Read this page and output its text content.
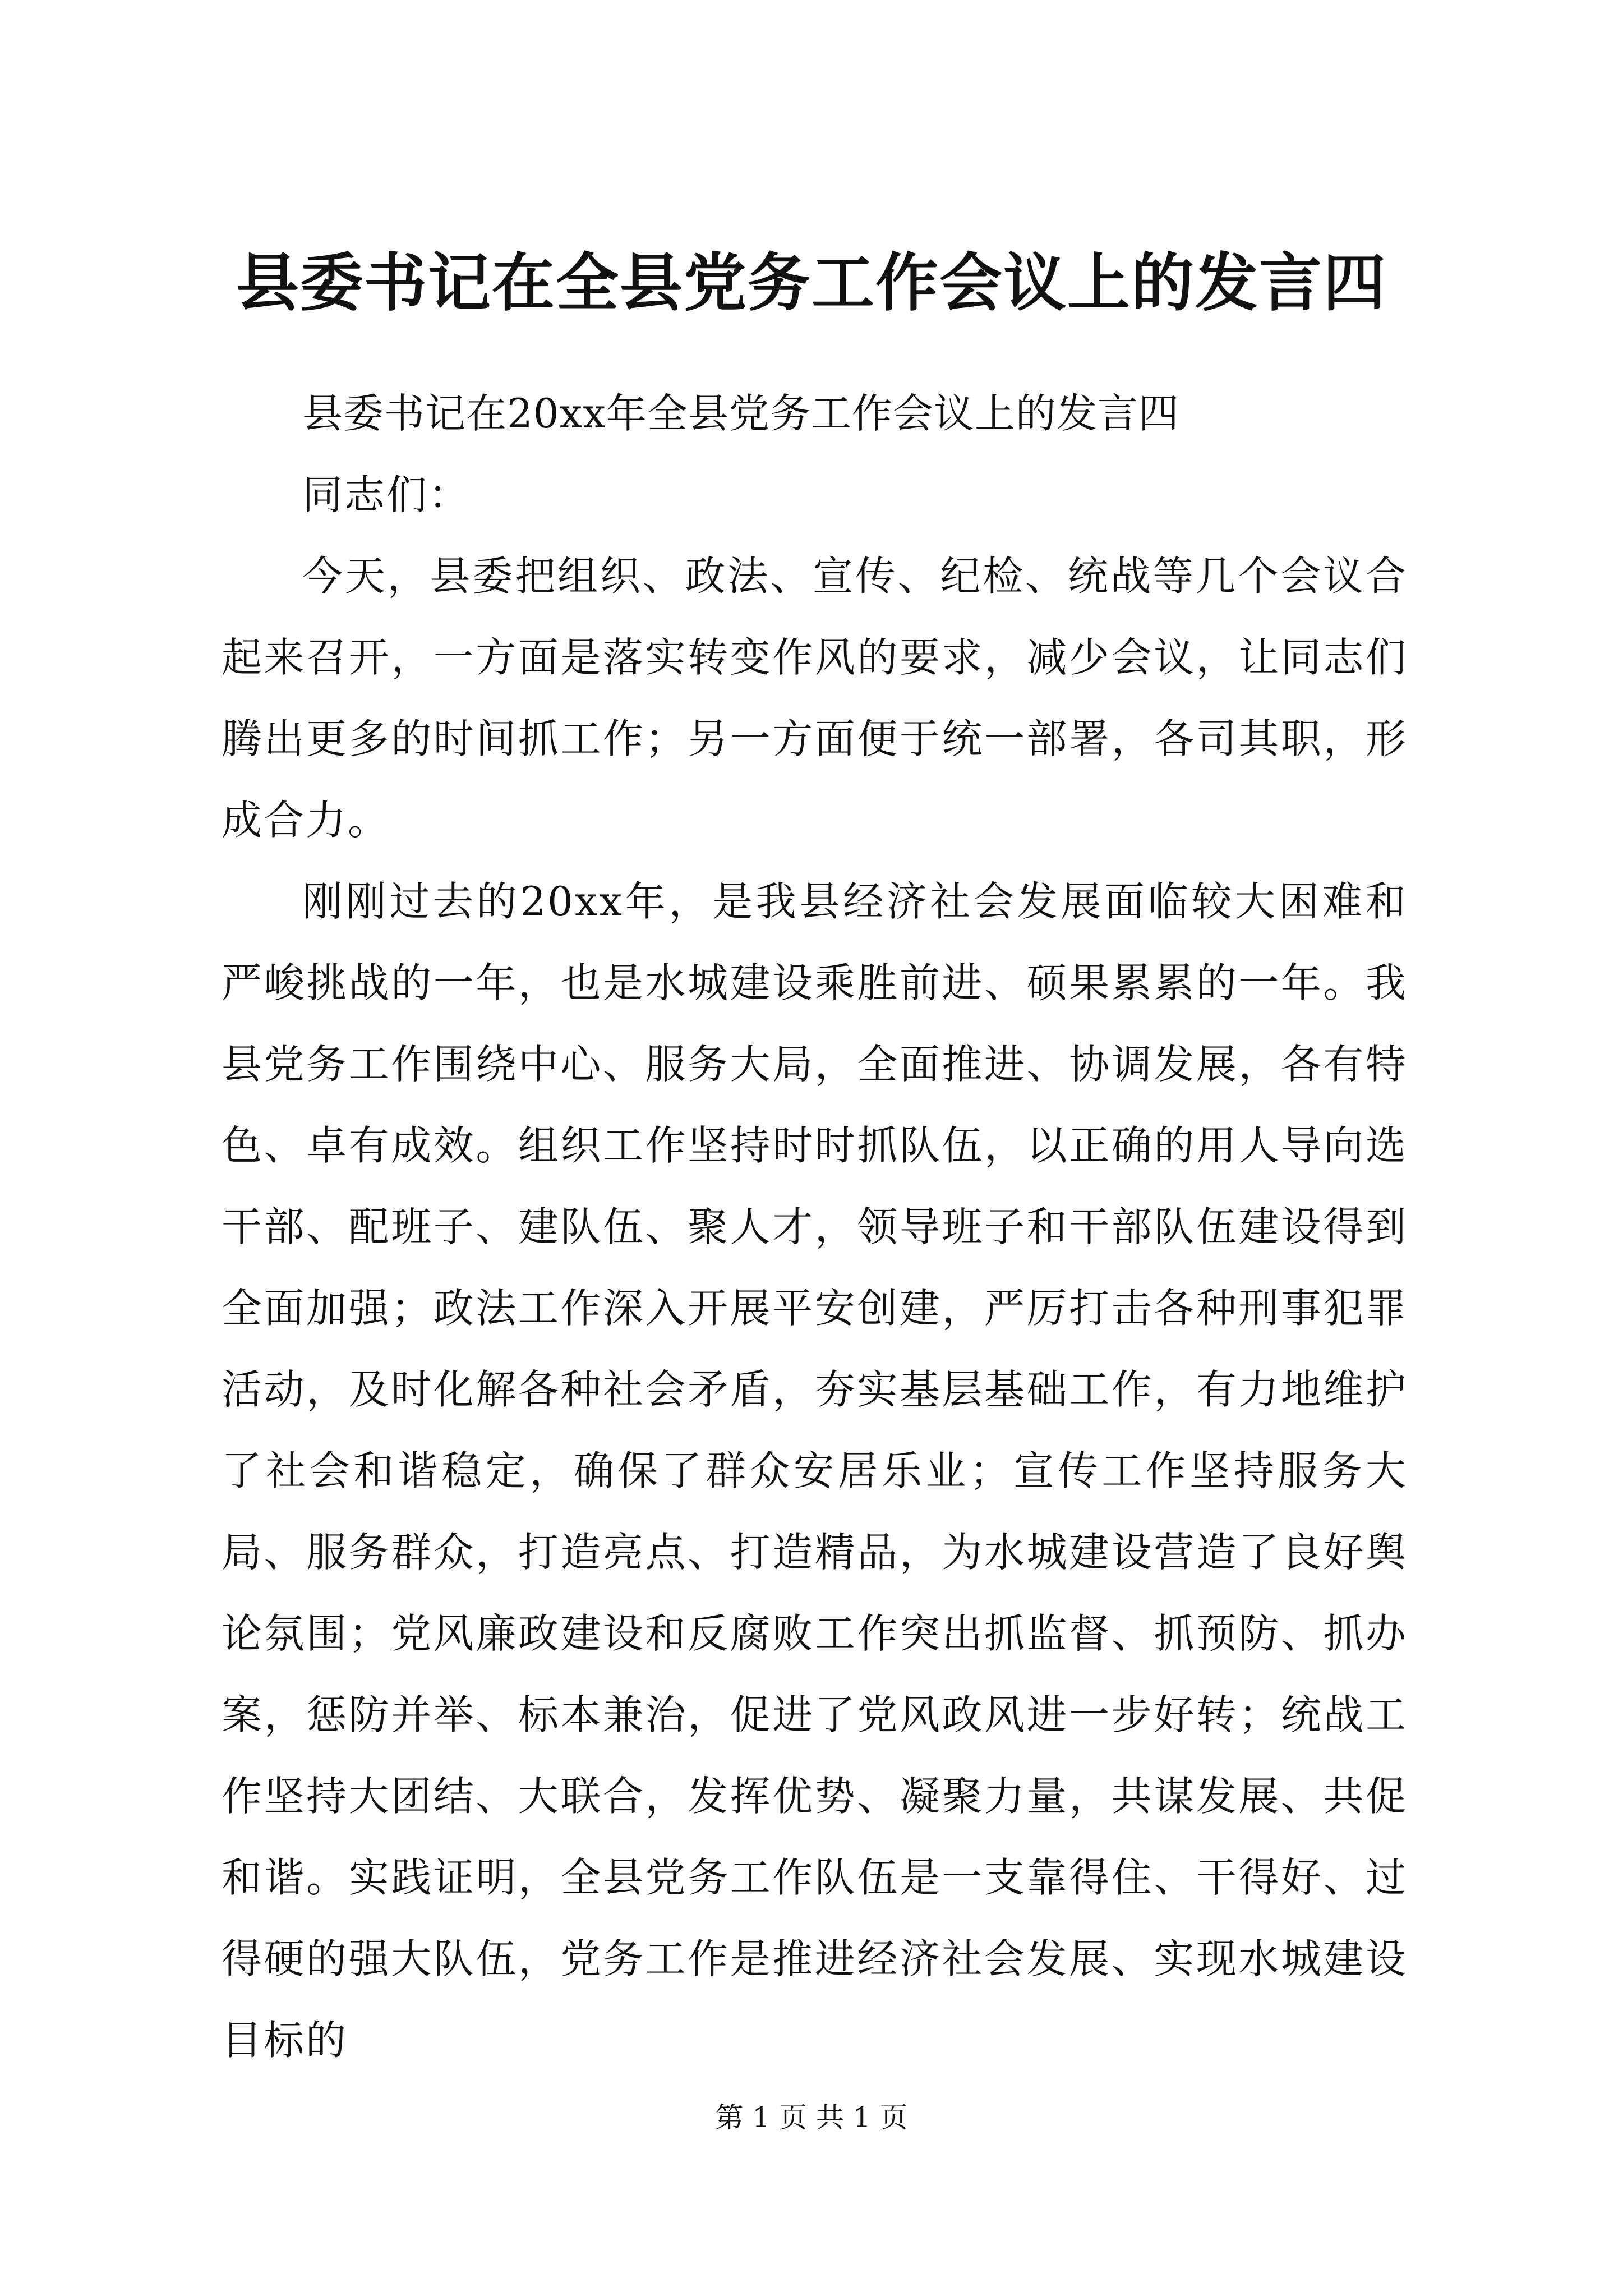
县委书记在全县党务工作会议上的发言四

县委书记在20xx年全县党务工作会议上的发言四

同志们：

今天，县委把组织、政法、宣传、纪检、统战等几个会议合起来召开，一方面是落实转变作风的要求，减少会议，让同志们腾出更多的时间抓工作；另一方面便于统一部署，各司其职，形成合力。

刚刚过去的20xx年，是我县经济社会发展面临较大困难和严峻挑战的一年，也是水城建设乘胜前进、硕果累累的一年。我县党务工作围绕中心、服务大局，全面推进、协调发展，各有特色、卓有成效。组织工作坚持时时抓队伍，以正确的用人导向选干部、配班子、建队伍、聚人才，领导班子和干部队伍建设得到全面加强；政法工作深入开展平安创建，严厉打击各种刑事犯罪活动，及时化解各种社会矛盾，夯实基层基础工作，有力地维护了社会和谐稳定，确保了群众安居乐业；宣传工作坚持服务大局、服务群众，打造亮点、打造精品，为水城建设营造了良好舆论氛围；党风廉政建设和反腐败工作突出抓监督、抓预防、抓办案，惩防并举、标本兼治，促进了党风政风进一步好转；统战工作坚持大团结、大联合，发挥优势、凝聚力量，共谋发展、共促和谐。实践证明，全县党务工作队伍是一支靠得住、干得好、过得硬的强大队伍，党务工作是推进经济社会发展、实现水城建设目标的

第 1 页 共 1 页
